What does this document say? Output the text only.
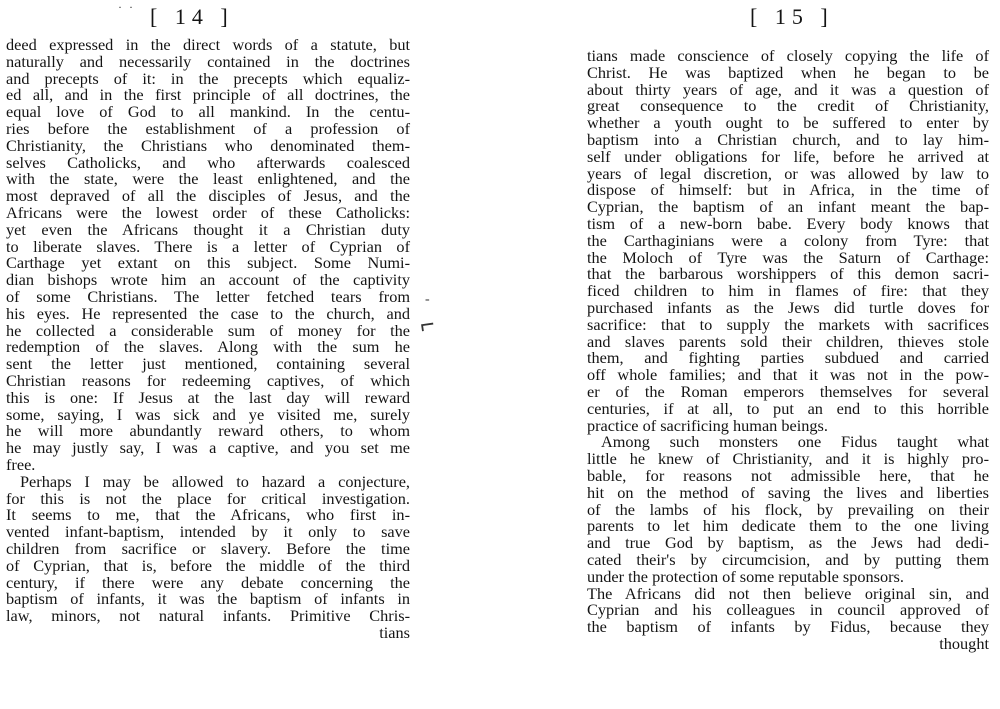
· · [ 14 ]
-
⌐
deed expressed in the direct words of a statute, but
naturally and necessarily contained in the doctrines
and precepts of it: in the precepts which equaliz-
ed all, and in the first principle of all doctrines, the
equal love of God to all mankind. In the centu-
ries before the establishment of a profession of
Christianity, the Christians who denominated them-
selves Catholicks, and who afterwards coalesced
with the state, were the least enlightened, and the
most depraved of all the disciples of Jesus, and the
Africans were the lowest order of these Catholicks:
yet even the Africans thought it a Christian duty
to liberate slaves. There is a letter of Cyprian of
Carthage yet extant on this subject. Some Numi-
dian bishops wrote him an account of the captivity
of some Christians. The letter fetched tears from
his eyes. He represented the case to the church, and
he collected a considerable sum of money for the
redemption of the slaves. Along with the sum he
sent the letter just mentioned, containing several
Christian reasons for redeeming captives, of which
this is one: If Jesus at the last day will reward
some, saying, I was sick and ye visited me, surely
he will more abundantly reward others, to whom
he may justly say, I was a captive, and you set me
free.
Perhaps I may be allowed to hazard a conjecture,
for this is not the place for critical investigation.
It seems to me, that the Africans, who first in-
vented infant-baptism, intended by it only to save
children from sacrifice or slavery. Before the time
of Cyprian, that is, before the middle of the third
century, if there were any debate concerning the
baptism of infants, it was the baptism of infants in
law, minors, not natural infants. Primitive Chris-
tians
[ 15 ]
tians made conscience of closely copying the life of
Christ. He was baptized when he began to be
about thirty years of age, and it was a question of
great consequence to the credit of Christianity,
whether a youth ought to be suffered to enter by
baptism into a Christian church, and to lay him-
self under obligations for life, before he arrived at
years of legal discretion, or was allowed by law to
dispose of himself: but in Africa, in the time of
Cyprian, the baptism of an infant meant the bap-
tism of a new-born babe. Every body knows that
the Carthaginians were a colony from Tyre: that
the Moloch of Tyre was the Saturn of Carthage:
that the barbarous worshippers of this demon sacri-
ficed children to him in flames of fire: that they
purchased infants as the Jews did turtle doves for
sacrifice: that to supply the markets with sacrifices
and slaves parents sold their children, thieves stole
them, and fighting parties subdued and carried
off whole families; and that it was not in the pow-
er of the Roman emperors themselves for several
centuries, if at all, to put an end to this horrible
practice of sacrificing human beings.
Among such monsters one Fidus taught what
little he knew of Christianity, and it is highly pro-
bable, for reasons not admissible here, that he
hit on the method of saving the lives and liberties
of the lambs of his flock, by prevailing on their
parents to let him dedicate them to the one living
and true God by baptism, as the Jews had dedi-
cated their's by circumcision, and by putting them
under the protection of some reputable sponsors.
The Africans did not then believe original sin, and
Cyprian and his colleagues in council approved of
the baptism of infants by Fidus, because they
thought
